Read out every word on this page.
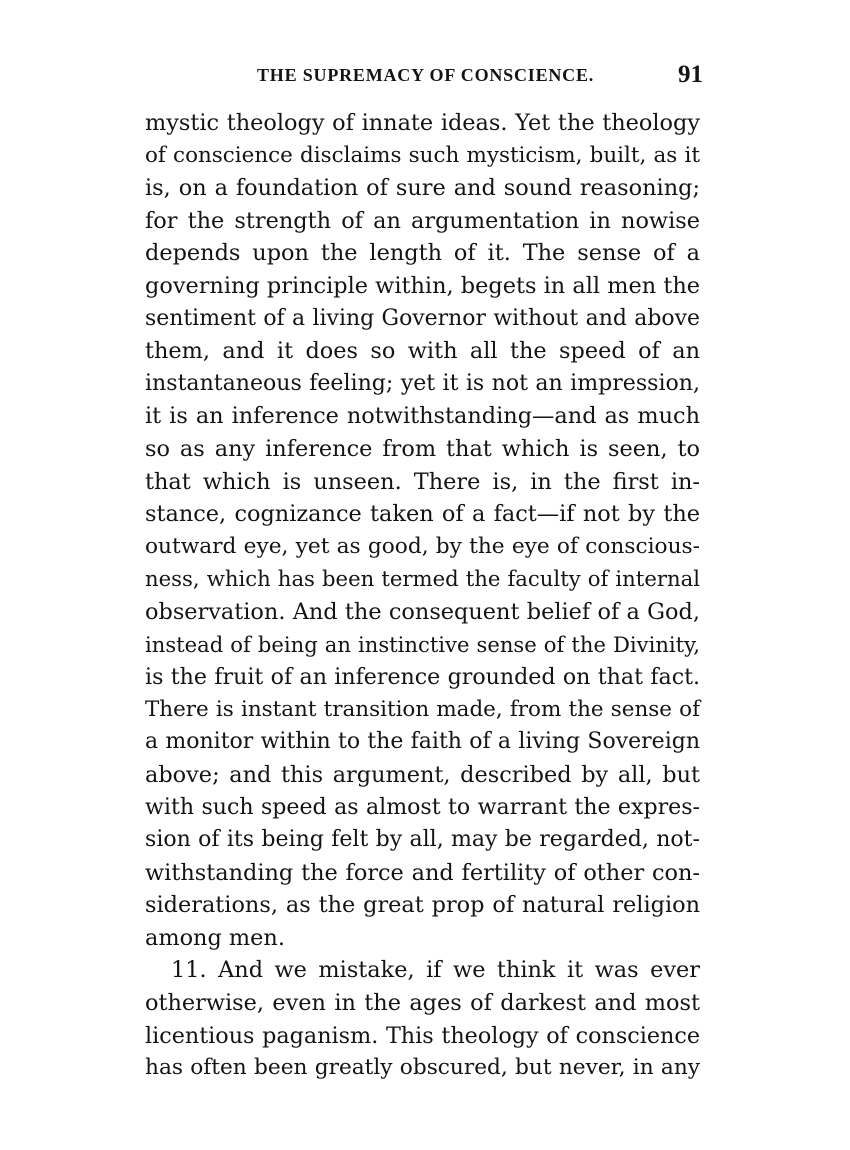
THE SUPREMACY OF CONSCIENCE.	91
mystic theology of innate ideas. Yet the theology
of conscience disclaims such mysticism, built, as it
is, on a foundation of sure and sound reasoning;
for the strength of an argumentation in nowise
depends upon the length of it. The sense of a
governing principle within, begets in all men the
sentiment of a living Governor without and above
them, and it does so with all the speed of an
instantaneous feeling; yet it is not an impression,
it is an inference notwithstanding—and as much
so as any inference from that which is seen, to
that which is unseen. There is, in the first in-
stance, cognizance taken of a fact—if not by the
outward eye, yet as good, by the eye of conscious-
ness, which has been termed the faculty of internal
observation. And the consequent belief of a God,
instead of being an instinctive sense of the Divinity,
is the fruit of an inference grounded on that fact.
There is instant transition made, from the sense of
a monitor within to the faith of a living Sovereign
above; and this argument, described by all, but
with such speed as almost to warrant the expres-
sion of its being felt by all, may be regarded, not-
withstanding the force and fertility of other con-
siderations, as the great prop of natural religion
among men.
11. And we mistake, if we think it was ever
otherwise, even in the ages of darkest and most
licentious paganism. This theology of conscience
has often been greatly obscured, but never, in any
